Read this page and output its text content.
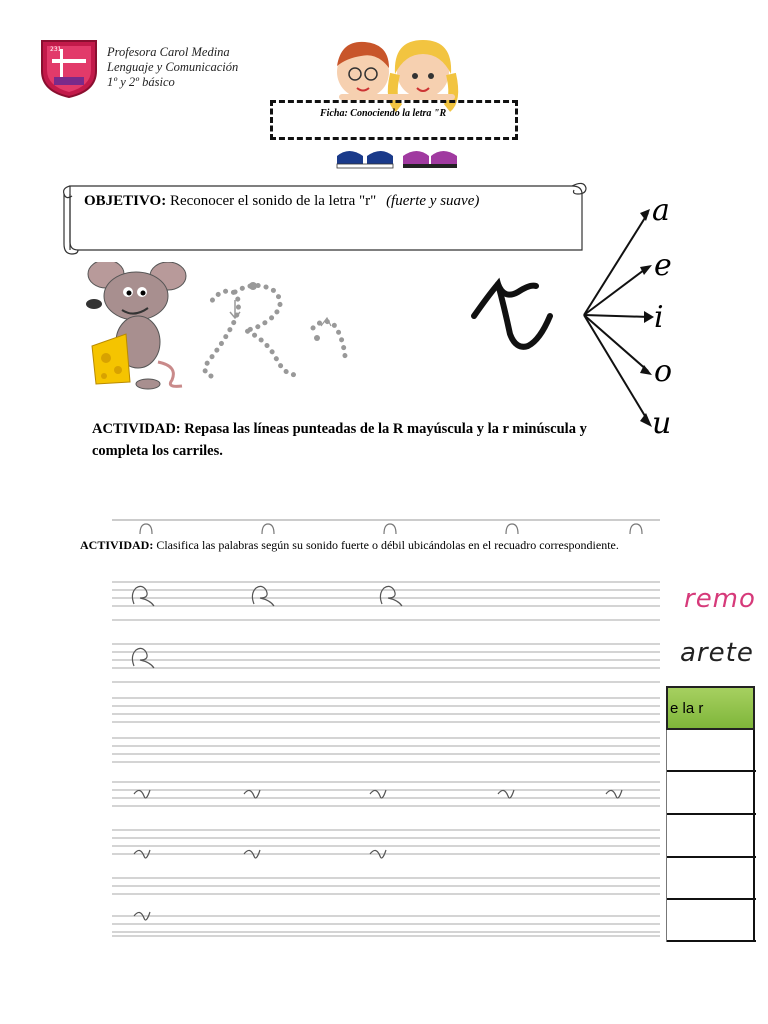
231	Profesora Carol Medina
Lenguaje y Comunicación
1º y 2º básico
Ficha: Conociendo la letra "R
OBJETIVO: Reconocer el sonido de la letra "r" (fuerte y suave)	a
e
i
o
u
ACTIVIDAD: Repasa las líneas punteadas de la R mayúscula y la r minúscula y completa los carriles.
ACTIVIDAD: Clasifica las palabras según su sonido fuerte o débil ubicándolas en el recuadro correspondiente.
remo
arete
e la r
